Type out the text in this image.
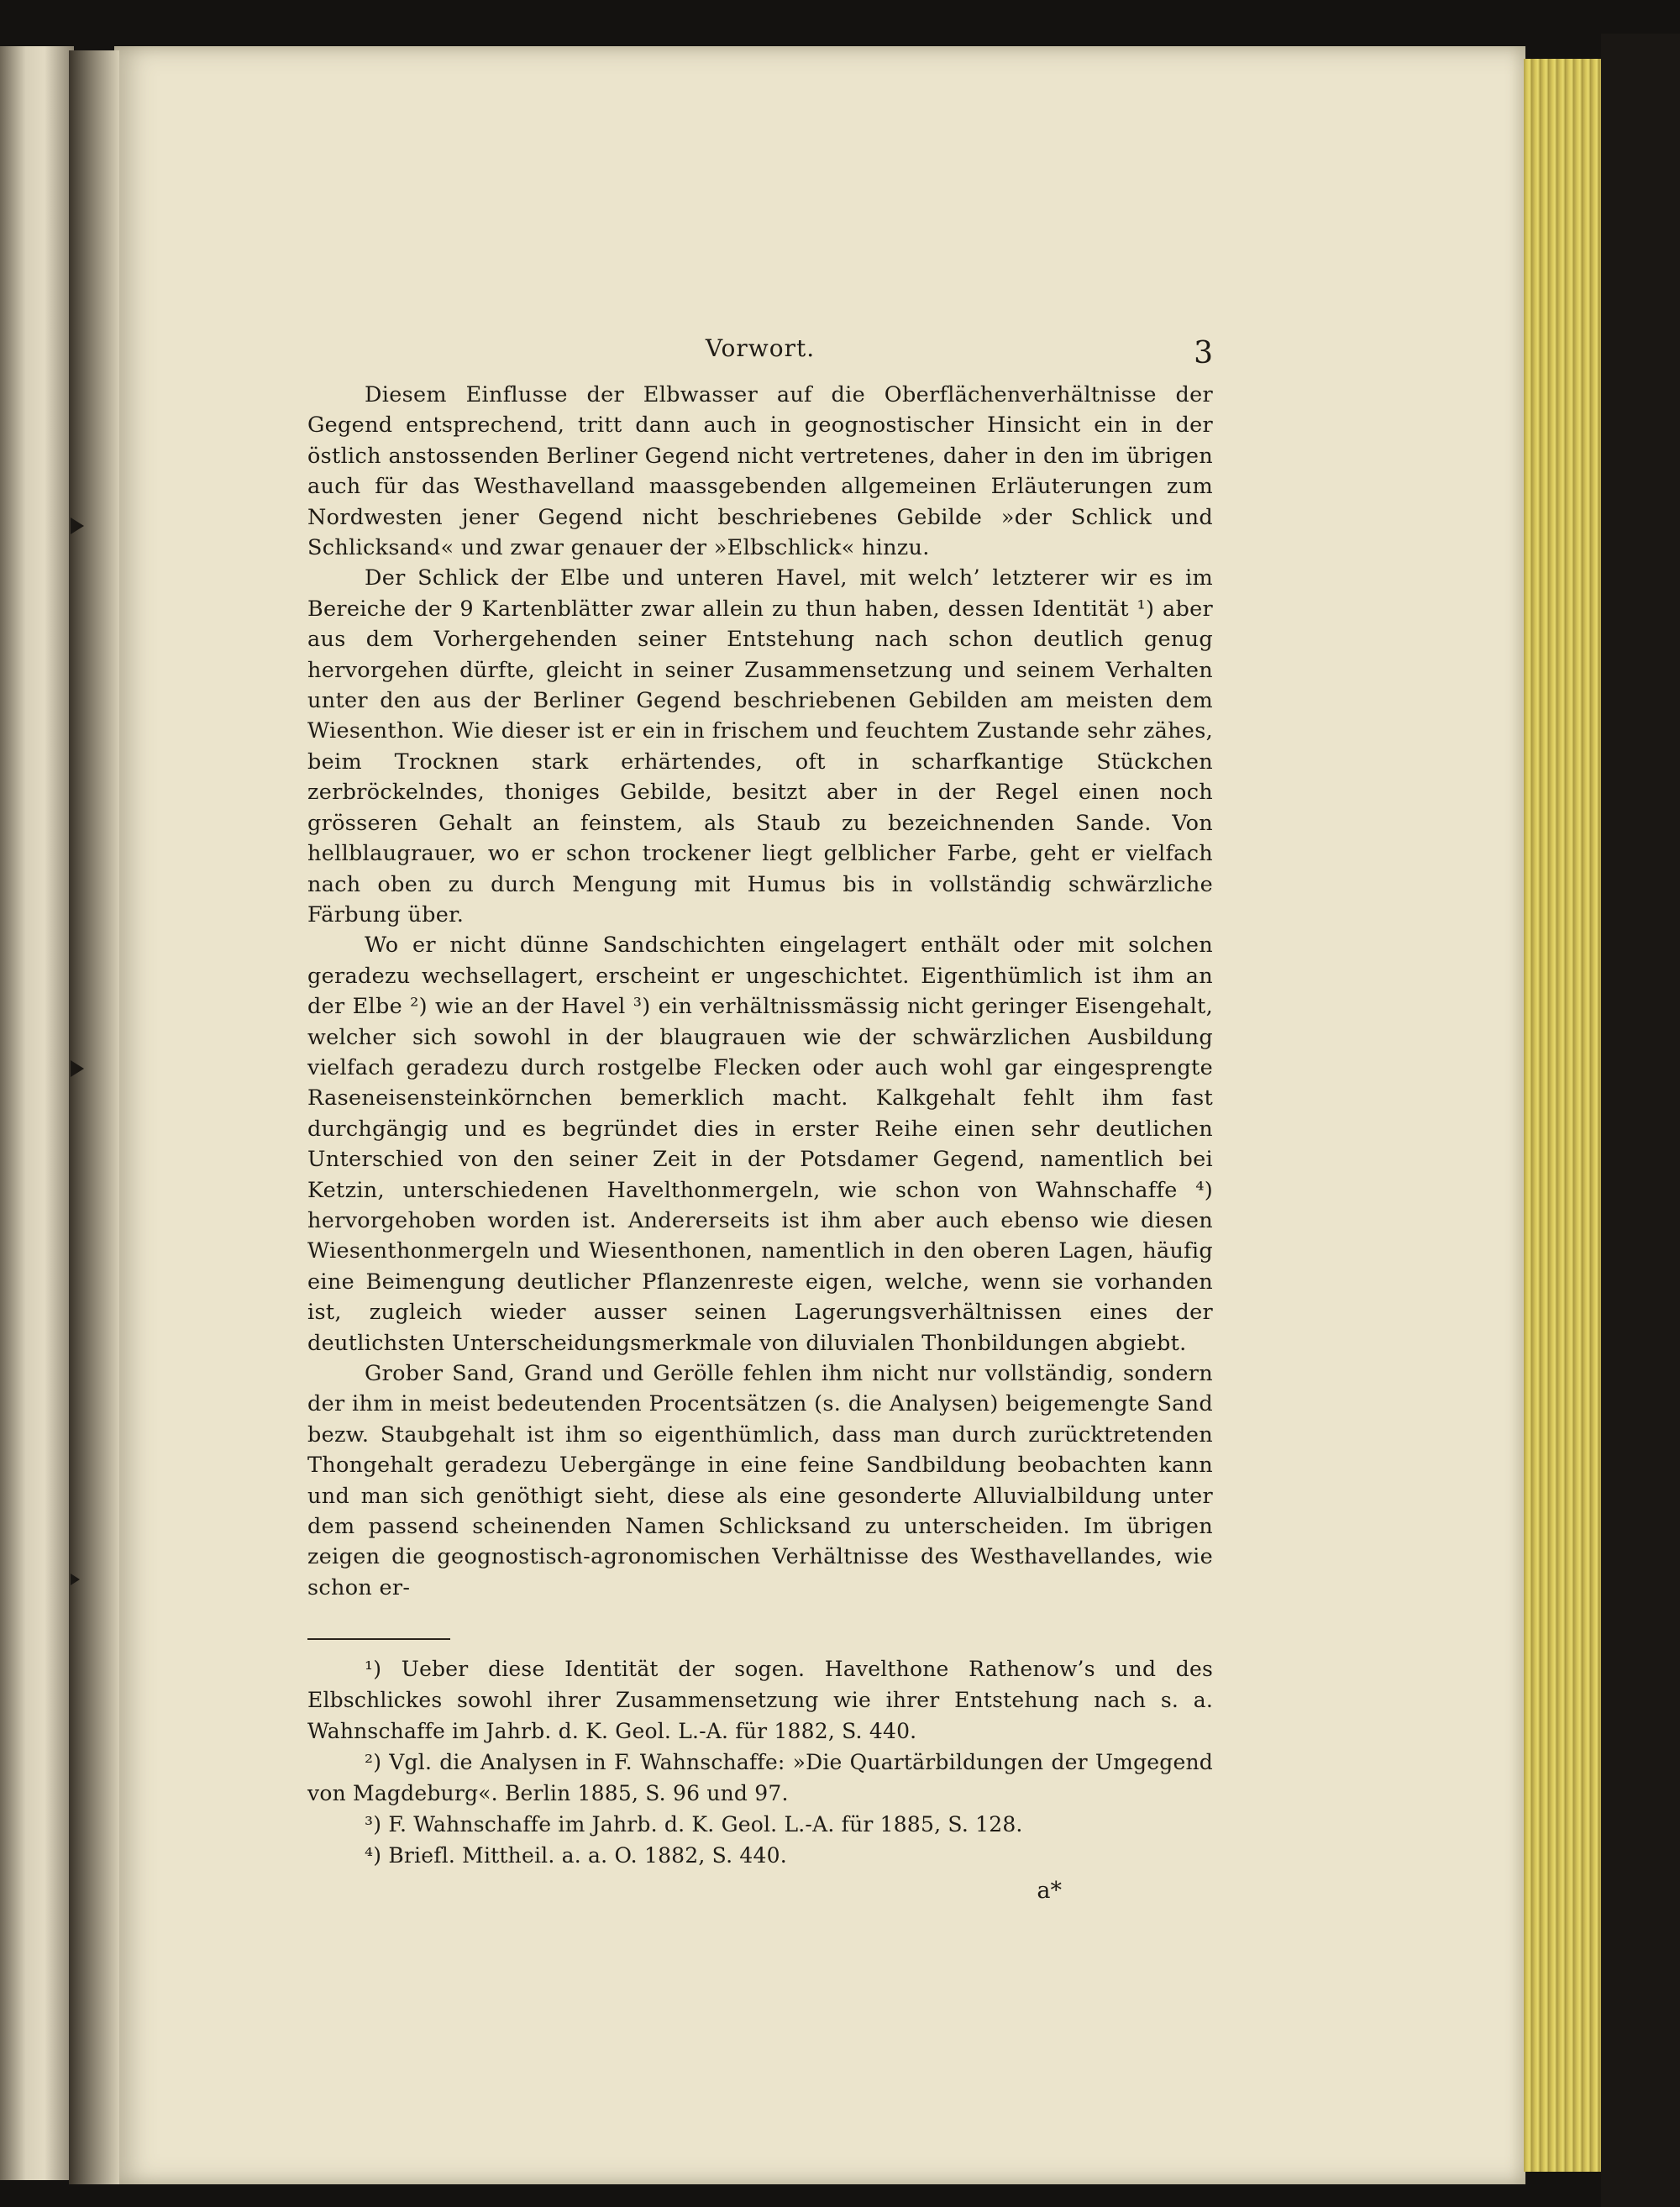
Vorwort.	3

Diesem Einflusse der Elbwasser auf die Oberflächenverhältnisse der Gegend entsprechend, tritt dann auch in geognostischer Hinsicht ein in der östlich anstossenden Berliner Gegend nicht vertretenes, daher in den im übrigen auch für das Westhavelland maassgebenden allgemeinen Erläuterungen zum Nordwesten jener Gegend nicht beschriebenes Gebilde »der Schlick und Schlicksand« und zwar genauer der »Elbschlick« hinzu.

Der Schlick der Elbe und unteren Havel, mit welch’ letzterer wir es im Bereiche der 9 Kartenblätter zwar allein zu thun haben, dessen Identität ¹) aber aus dem Vorhergehenden seiner Entstehung nach schon deutlich genug hervorgehen dürfte, gleicht in seiner Zusammensetzung und seinem Verhalten unter den aus der Berliner Gegend beschriebenen Gebilden am meisten dem Wiesenthon. Wie dieser ist er ein in frischem und feuchtem Zustande sehr zähes, beim Trocknen stark erhärtendes, oft in scharfkantige Stückchen zerbröckelndes, thoniges Gebilde, besitzt aber in der Regel einen noch grösseren Gehalt an feinstem, als Staub zu bezeichnenden Sande. Von hellblaugrauer, wo er schon trockener liegt gelblicher Farbe, geht er vielfach nach oben zu durch Mengung mit Humus bis in vollständig schwärzliche Färbung über.

Wo er nicht dünne Sandschichten eingelagert enthält oder mit solchen geradezu wechsellagert, erscheint er ungeschichtet. Eigenthümlich ist ihm an der Elbe ²) wie an der Havel ³) ein verhältnissmässig nicht geringer Eisengehalt, welcher sich sowohl in der blaugrauen wie der schwärzlichen Ausbildung vielfach geradezu durch rostgelbe Flecken oder auch wohl gar eingesprengte Raseneisensteinkörnchen bemerklich macht. Kalkgehalt fehlt ihm fast durchgängig und es begründet dies in erster Reihe einen sehr deutlichen Unterschied von den seiner Zeit in der Potsdamer Gegend, namentlich bei Ketzin, unterschiedenen Havelthonmergeln, wie schon von Wahnschaffe ⁴) hervorgehoben worden ist. Andererseits ist ihm aber auch ebenso wie diesen Wiesenthonmergeln und Wiesenthonen, namentlich in den oberen Lagen, häufig eine Beimengung deutlicher Pflanzenreste eigen, welche, wenn sie vorhanden ist, zugleich wieder ausser seinen Lagerungsverhältnissen eines der deutlichsten Unterscheidungsmerkmale von diluvialen Thonbildungen abgiebt.

Grober Sand, Grand und Gerölle fehlen ihm nicht nur vollständig, sondern der ihm in meist bedeutenden Procentsätzen (s. die Analysen) beigemengte Sand bezw. Staubgehalt ist ihm so eigenthümlich, dass man durch zurücktretenden Thongehalt geradezu Uebergänge in eine feine Sandbildung beobachten kann und man sich genöthigt sieht, diese als eine gesonderte Alluvialbildung unter dem passend scheinenden Namen Schlicksand zu unterscheiden. Im übrigen zeigen die geognostisch-agronomischen Verhältnisse des Westhavellandes, wie schon er-

¹) Ueber diese Identität der sogen. Havelthone Rathenow’s und des Elbschlickes sowohl ihrer Zusammensetzung wie ihrer Entstehung nach s. a. Wahnschaffe im Jahrb. d. K. Geol. L.-A. für 1882, S. 440.

²) Vgl. die Analysen in F. Wahnschaffe: »Die Quartärbildungen der Umgegend von Magdeburg«. Berlin 1885, S. 96 und 97.

³) F. Wahnschaffe im Jahrb. d. K. Geol. L.-A. für 1885, S. 128.

⁴) Briefl. Mittheil. a. a. O. 1882, S. 440.

a*
